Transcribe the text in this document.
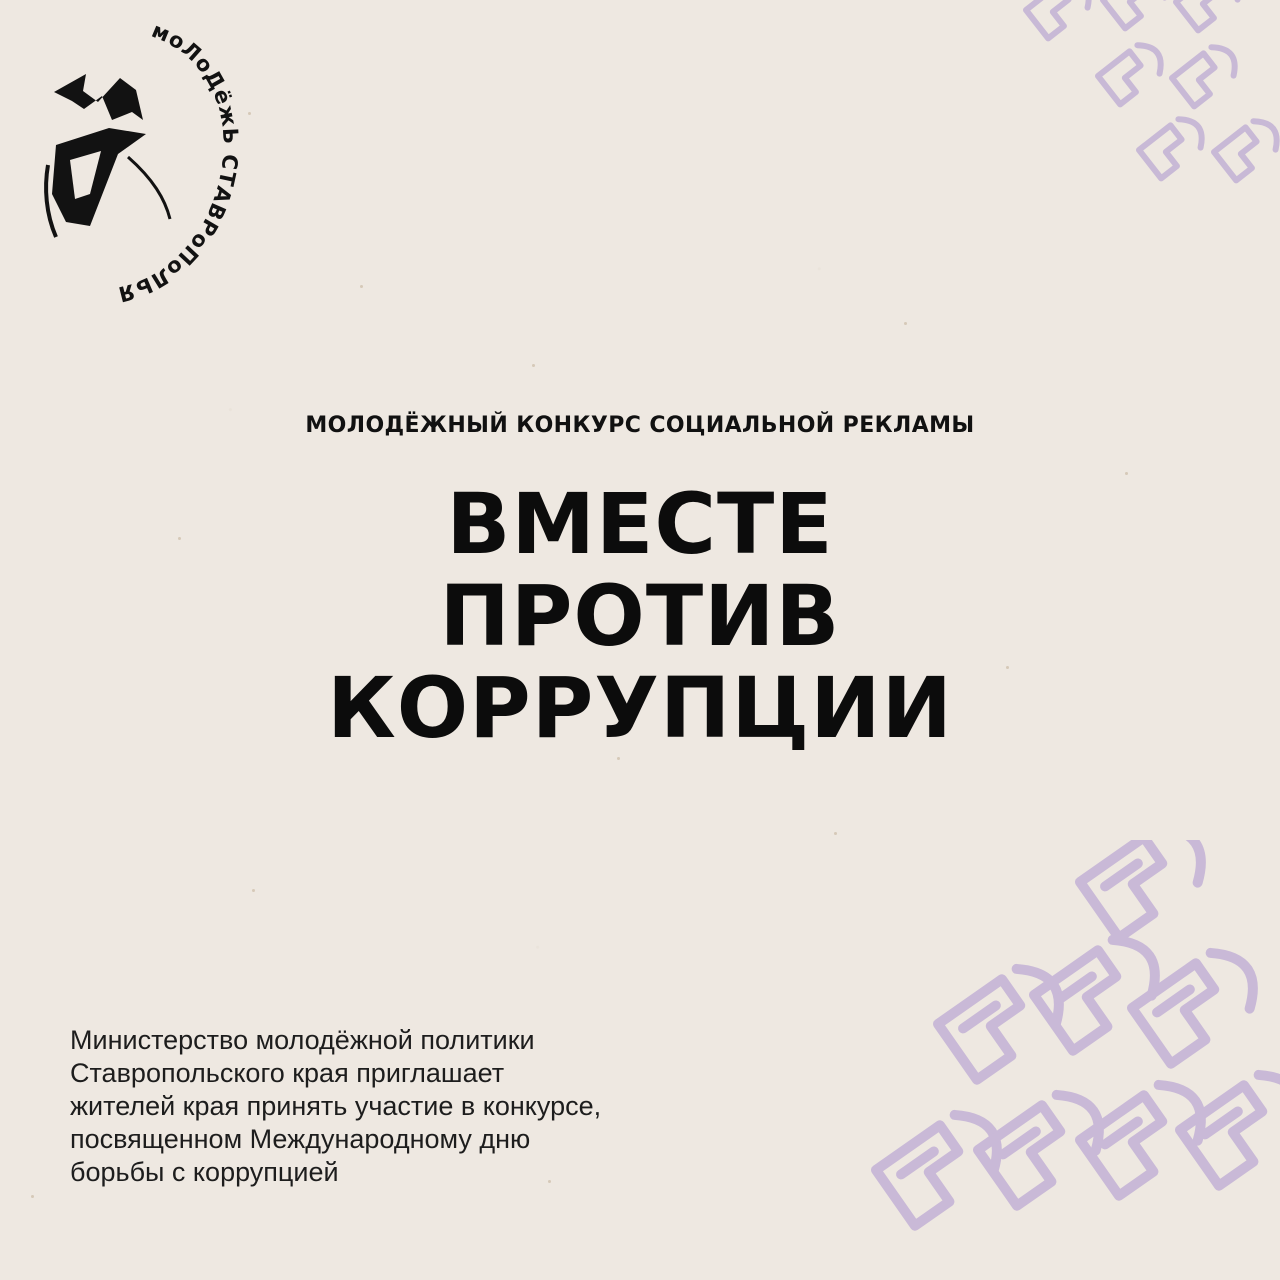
моЛоДёжЬ СТАВРоПоЛЬЯ
МОЛОДЁЖНЫЙ КОНКУРС СОЦИАЛЬНОЙ РЕКЛАМЫ
ВМЕСТЕ
ПРОТИВ
КОРРУПЦИИ
Министерство молодёжной политики
Ставропольского края приглашает
жителей края принять участие в конкурсе,
посвященном Международному дню
борьбы с коррупцией
